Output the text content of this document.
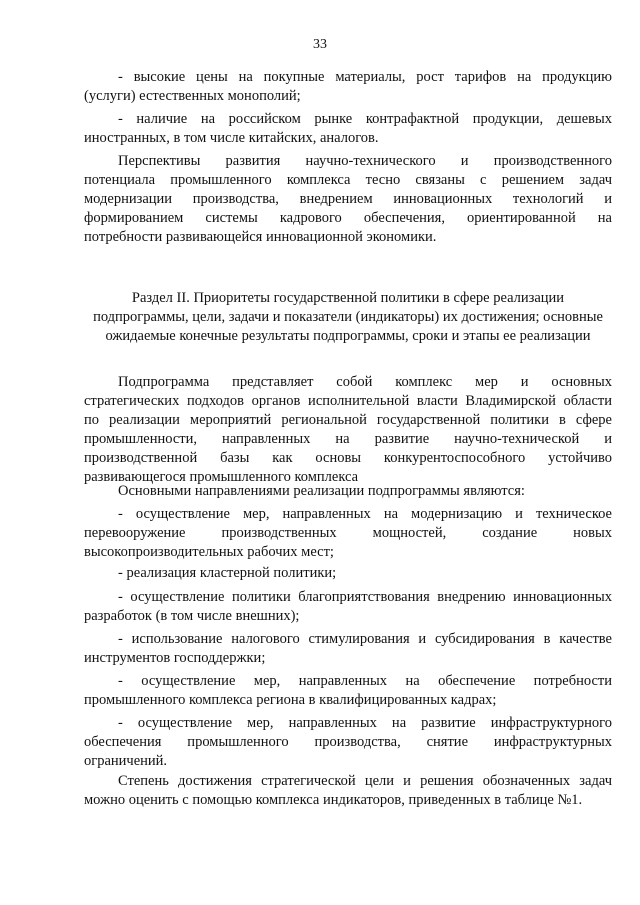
33
- высокие цены на покупные материалы, рост тарифов на продукцию
(услуги) естественных монополий;
- наличие на российском рынке контрафактной продукции, дешевых
иностранных, в том числе китайских, аналогов.
Перспективы развития научно-технического и производственного
потенциала промышленного комплекса тесно связаны с решением задач
модернизации производства, внедрением инновационных технологий и
формированием системы кадрового обеспечения, ориентированной на
потребности развивающейся инновационной экономики.
Раздел II. Приоритеты государственной политики в сфере реализации
подпрограммы, цели, задачи и показатели (индикаторы) их достижения; основные
ожидаемые конечные результаты подпрограммы, сроки и этапы ее реализации
Подпрограмма представляет собой комплекс мер и основных
стратегических подходов органов исполнительной власти Владимирской области
по реализации мероприятий региональной государственной политики в сфере
промышленности, направленных на развитие научно-технической и
производственной базы как основы конкурентоспособного устойчиво
развивающегося промышленного комплекса
Основными направлениями реализации подпрограммы являются:
- осуществление мер, направленных на модернизацию и техническое
перевооружение производственных мощностей, создание новых
высокопроизводительных рабочих мест;
- реализация кластерной политики;
- осуществление политики благоприятствования внедрению инновационных
разработок (в том числе внешних);
- использование налогового стимулирования и субсидирования в качестве
инструментов господдержки;
- осуществление мер, направленных на обеспечение потребности
промышленного комплекса региона в квалифицированных кадрах;
- осуществление мер, направленных на развитие инфраструктурного
обеспечения промышленного производства, снятие инфраструктурных
ограничений.
Степень достижения стратегической цели и решения обозначенных задач
можно оценить с помощью комплекса индикаторов, приведенных в таблице №1.
